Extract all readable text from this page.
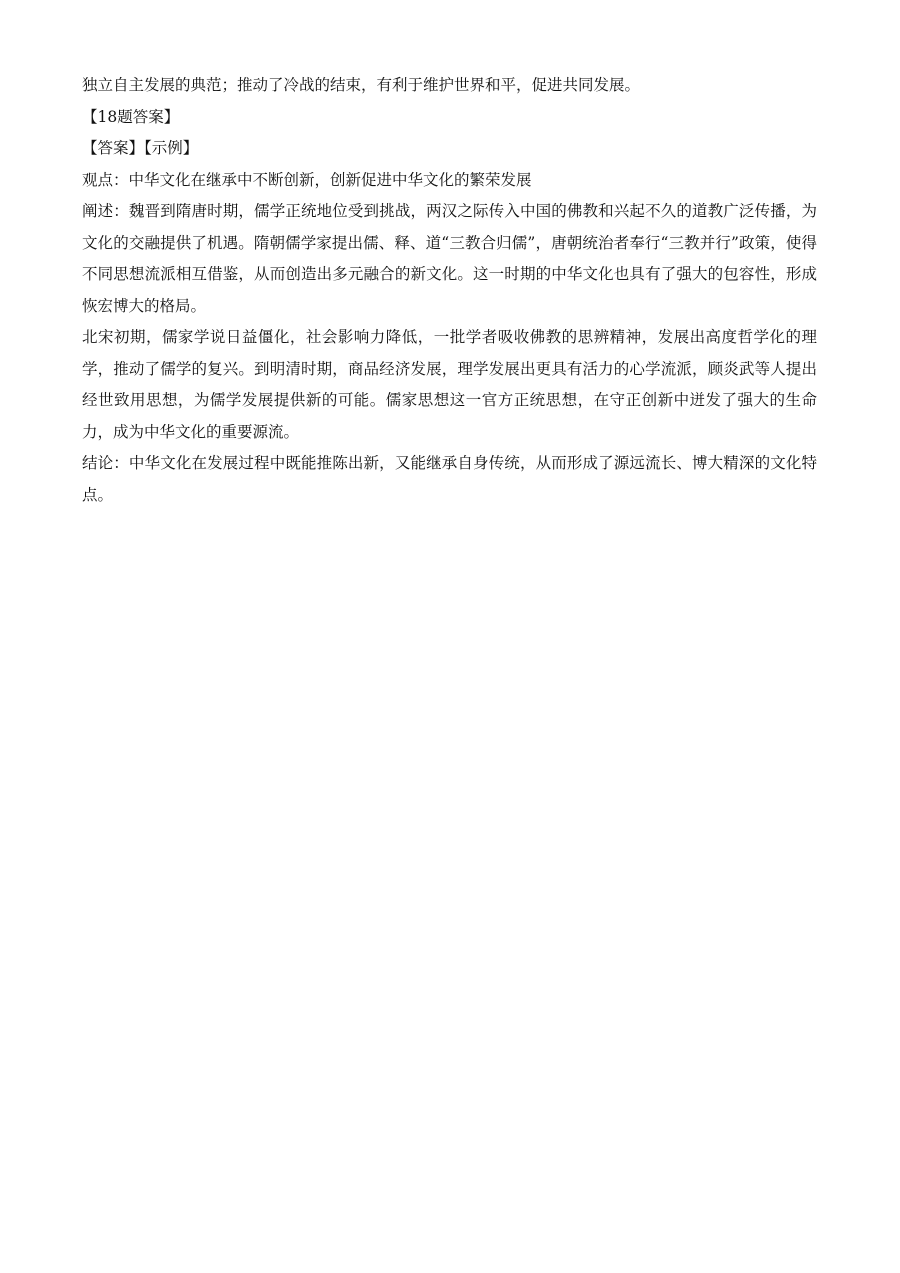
独立自主发展的典范；推动了冷战的结束，有利于维护世界和平，促进共同发展。

【18题答案】

【答案】【示例】

观点：中华文化在继承中不断创新，创新促进中华文化的繁荣发展

阐述：魏晋到隋唐时期，儒学正统地位受到挑战，两汉之际传入中国的佛教和兴起不久的道教广泛传播，为文化的交融提供了机遇。隋朝儒学家提出儒、释、道“三教合归儒”，唐朝统治者奉行“三教并行”政策，使得不同思想流派相互借鉴，从而创造出多元融合的新文化。这一时期的中华文化也具有了强大的包容性，形成恢宏博大的格局。

北宋初期，儒家学说日益僵化，社会影响力降低，一批学者吸收佛教的思辨精神，发展出高度哲学化的理学，推动了儒学的复兴。到明清时期，商品经济发展，理学发展出更具有活力的心学流派，顾炎武等人提出经世致用思想，为儒学发展提供新的可能。儒家思想这一官方正统思想，在守正创新中迸发了强大的生命力，成为中华文化的重要源流。

结论：中华文化在发展过程中既能推陈出新，又能继承自身传统，从而形成了源远流长、博大精深的文化特点。
